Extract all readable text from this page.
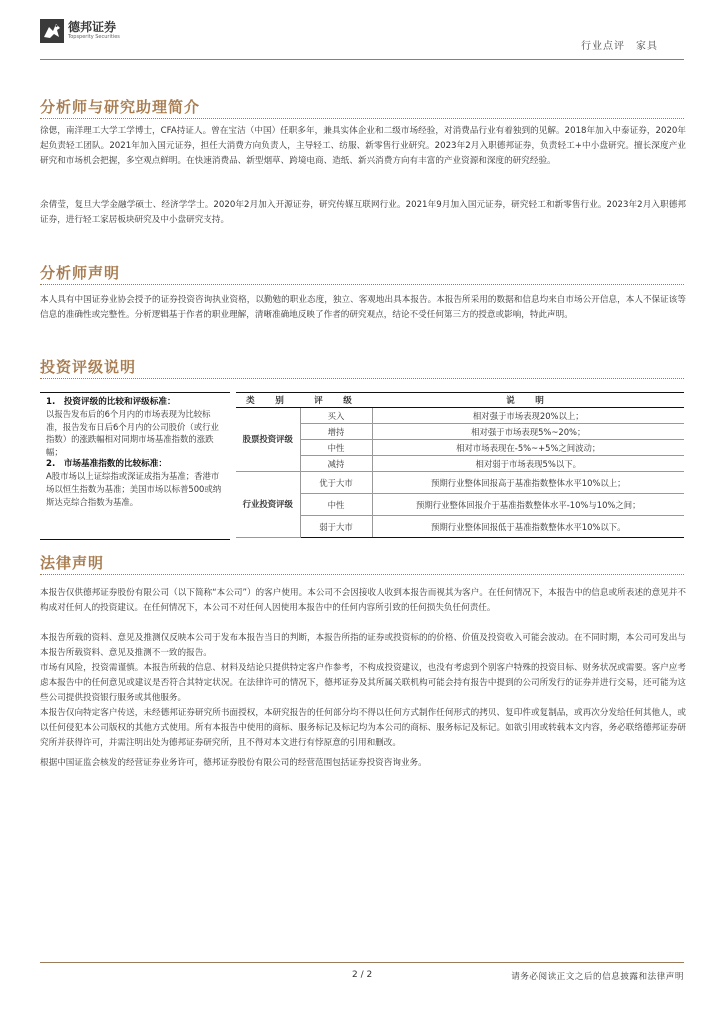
德邦证券
Topsperity Securities
行业点评　家具
分析师与研究助理简介

徐偲，南洋理工大学工学博士，CFA持证人。曾在宝洁（中国）任职多年，兼具实体企业和二级市场经验，对消费品行业有着独到的见解。2018年加入中泰证券，2020年起负责轻工团队。2021年加入国元证券，担任大消费方向负责人，主导轻工、纺服、新零售行业研究。2023年2月入职德邦证券，负责轻工+中小盘研究。擅长深度产业研究和市场机会把握，多空观点鲜明。在快速消费品、新型烟草、跨境电商、造纸、新兴消费方向有丰富的产业资源和深度的研究经验。

余倩莹，复旦大学金融学硕士、经济学学士。2020年2月加入开源证券，研究传媒互联网行业。2021年9月加入国元证券，研究轻工和新零售行业。2023年2月入职德邦证券，进行轻工家居板块研究及中小盘研究支持。

分析师声明

本人具有中国证券业协会授予的证券投资咨询执业资格，以勤勉的职业态度，独立、客观地出具本报告。本报告所采用的数据和信息均来自市场公开信息，本人不保证该等信息的准确性或完整性。分析逻辑基于作者的职业理解，清晰准确地反映了作者的研究观点，结论不受任何第三方的授意或影响，特此声明。

投资评级说明
1.　投资评级的比较和评级标准：
以报告发布后的6个月内的市场表现为比较标准，报告发布日后6个月内的公司股价（或行业指数）的涨跌幅相对同期市场基准指数的涨跌幅；
2.　市场基准指数的比较标准：
A股市场以上证综指或深证成指为基准；香港市场以恒生指数为基准；美国市场以标普500或纳斯达克综合指数为基准。
类　别	评　级	说　明
股票投资评级	买入	相对强于市场表现20%以上；
	增持	相对强于市场表现5%~20%；
	中性	相对市场表现在-5%~+5%之间波动；
	减持	相对弱于市场表现5%以下。
行业投资评级	优于大市	预期行业整体回报高于基准指数整体水平10%以上；
	中性	预期行业整体回报介于基准指数整体水平-10%与10%之间；
	弱于大市	预期行业整体回报低于基准指数整体水平10%以下。
法律声明

本报告仅供德邦证券股份有限公司（以下简称“本公司”）的客户使用。本公司不会因接收人收到本报告而视其为客户。在任何情况下，本报告中的信息或所表述的意见并不构成对任何人的投资建议。在任何情况下，本公司不对任何人因使用本报告中的任何内容所引致的任何损失负任何责任。

本报告所载的资料、意见及推测仅反映本公司于发布本报告当日的判断，本报告所指的证券或投资标的的价格、价值及投资收入可能会波动。在不同时期，本公司可发出与本报告所载资料、意见及推测不一致的报告。

市场有风险，投资需谨慎。本报告所载的信息、材料及结论只提供特定客户作参考，不构成投资建议，也没有考虑到个别客户特殊的投资目标、财务状况或需要。客户应考虑本报告中的任何意见或建议是否符合其特定状况。在法律许可的情况下，德邦证券及其所属关联机构可能会持有报告中提到的公司所发行的证券并进行交易，还可能为这些公司提供投资银行服务或其他服务。

本报告仅向特定客户传送，未经德邦证券研究所书面授权，本研究报告的任何部分均不得以任何方式制作任何形式的拷贝、复印件或复制品，或再次分发给任何其他人，或以任何侵犯本公司版权的其他方式使用。所有本报告中使用的商标、服务标记及标记均为本公司的商标、服务标记及标记。如欲引用或转载本文内容，务必联络德邦证券研究所并获得许可，并需注明出处为德邦证券研究所，且不得对本文进行有悖原意的引用和删改。

根据中国证监会核发的经营证券业务许可，德邦证券股份有限公司的经营范围包括证券投资咨询业务。

2 / 2	请务必阅读正文之后的信息披露和法律声明
